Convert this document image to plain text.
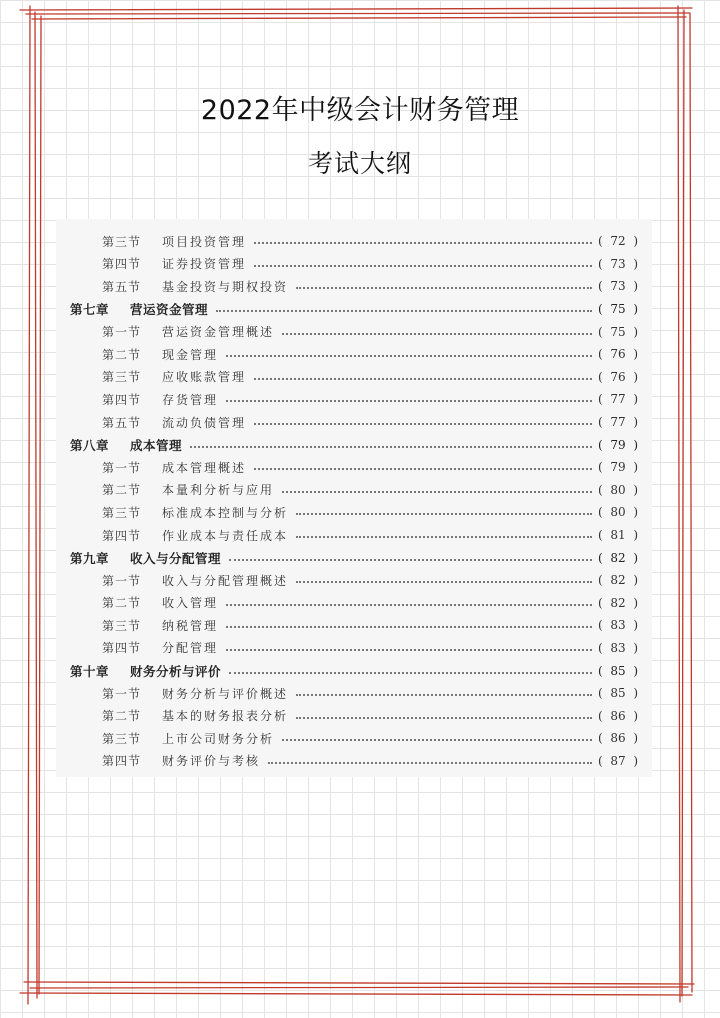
2022年中级会计财务管理
考试大纲
第三节	项目投资管理	( 72 )
第四节	证券投资管理	( 73 )
第五节	基金投资与期权投资	( 73 )
第七章	营运资金管理	( 75 )
第一节	营运资金管理概述	( 75 )
第二节	现金管理	( 76 )
第三节	应收账款管理	( 76 )
第四节	存货管理	( 77 )
第五节	流动负债管理	( 77 )
第八章	成本管理	( 79 )
第一节	成本管理概述	( 79 )
第二节	本量利分析与应用	( 80 )
第三节	标准成本控制与分析	( 80 )
第四节	作业成本与责任成本	( 81 )
第九章	收入与分配管理	( 82 )
第一节	收入与分配管理概述	( 82 )
第二节	收入管理	( 82 )
第三节	纳税管理	( 83 )
第四节	分配管理	( 83 )
第十章	财务分析与评价	( 85 )
第一节	财务分析与评价概述	( 85 )
第二节	基本的财务报表分析	( 86 )
第三节	上市公司财务分析	( 86 )
第四节	财务评价与考核	( 87 )
